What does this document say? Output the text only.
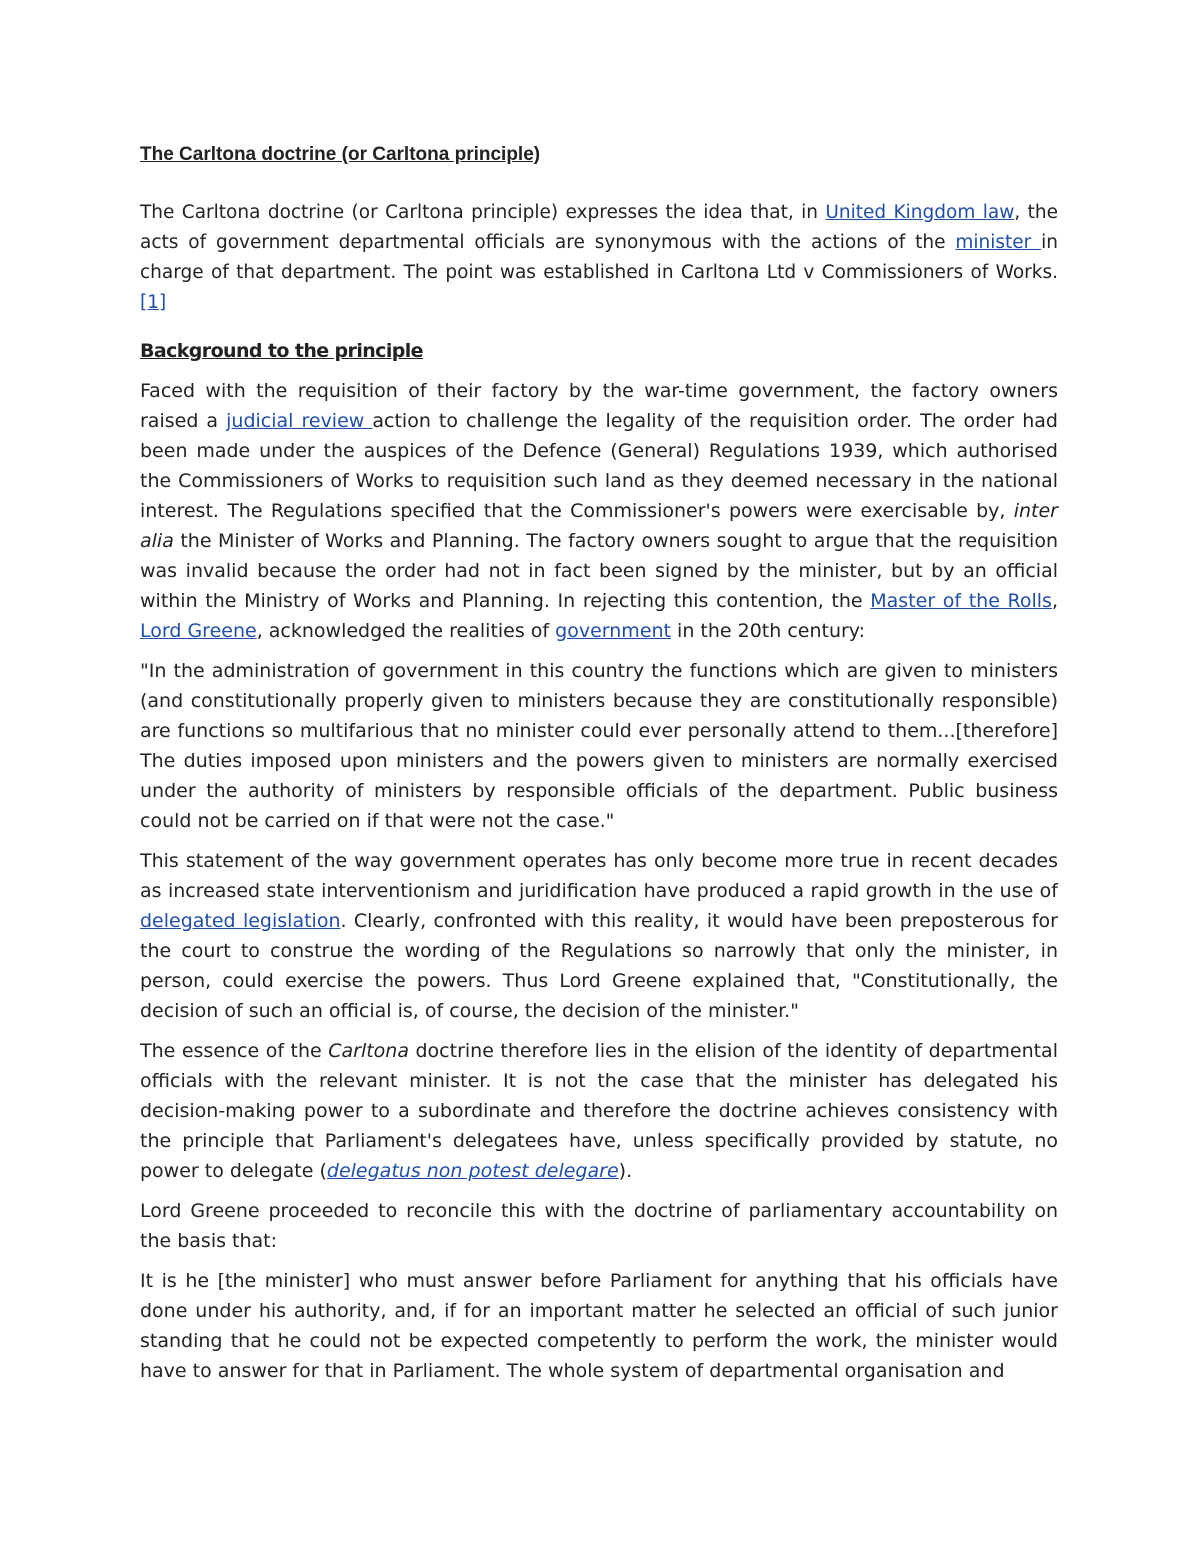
The Carltona doctrine (or Carltona principle)

The Carltona doctrine (or Carltona principle) expresses the idea that, in United Kingdom law, the acts of government departmental officials are synonymous with the actions of the minister in charge of that department. The point was established in Carltona Ltd v Commissioners of Works.[1]

Background to the principle

Faced with the requisition of their factory by the war-time government, the factory owners raised a judicial review action to challenge the legality of the requisition order. The order had been made under the auspices of the Defence (General) Regulations 1939, which authorised the Commissioners of Works to requisition such land as they deemed necessary in the national interest. The Regulations specified that the Commissioner's powers were exercisable by, inter alia the Minister of Works and Planning. The factory owners sought to argue that the requisition was invalid because the order had not in fact been signed by the minister, but by an official within the Ministry of Works and Planning. In rejecting this contention, the Master of the Rolls, Lord Greene, acknowledged the realities of government in the 20th century:

"In the administration of government in this country the functions which are given to ministers (and constitutionally properly given to ministers because they are constitutionally responsible) are functions so multifarious that no minister could ever personally attend to them...[therefore] The duties imposed upon ministers and the powers given to ministers are normally exercised under the authority of ministers by responsible officials of the department. Public business could not be carried on if that were not the case."

This statement of the way government operates has only become more true in recent decades as increased state interventionism and juridification have produced a rapid growth in the use of delegated legislation. Clearly, confronted with this reality, it would have been preposterous for the court to construe the wording of the Regulations so narrowly that only the minister, in person, could exercise the powers. Thus Lord Greene explained that, "Constitutionally, the decision of such an official is, of course, the decision of the minister."

The essence of the Carltona doctrine therefore lies in the elision of the identity of departmental officials with the relevant minister. It is not the case that the minister has delegated his decision-making power to a subordinate and therefore the doctrine achieves consistency with the principle that Parliament's delegatees have, unless specifically provided by statute, no power to delegate (delegatus non potest delegare).

Lord Greene proceeded to reconcile this with the doctrine of parliamentary accountability on the basis that:

It is he [the minister] who must answer before Parliament for anything that his officials have done under his authority, and, if for an important matter he selected an official of such junior standing that he could not be expected competently to perform the work, the minister would have to answer for that in Parliament. The whole system of departmental organisation and
